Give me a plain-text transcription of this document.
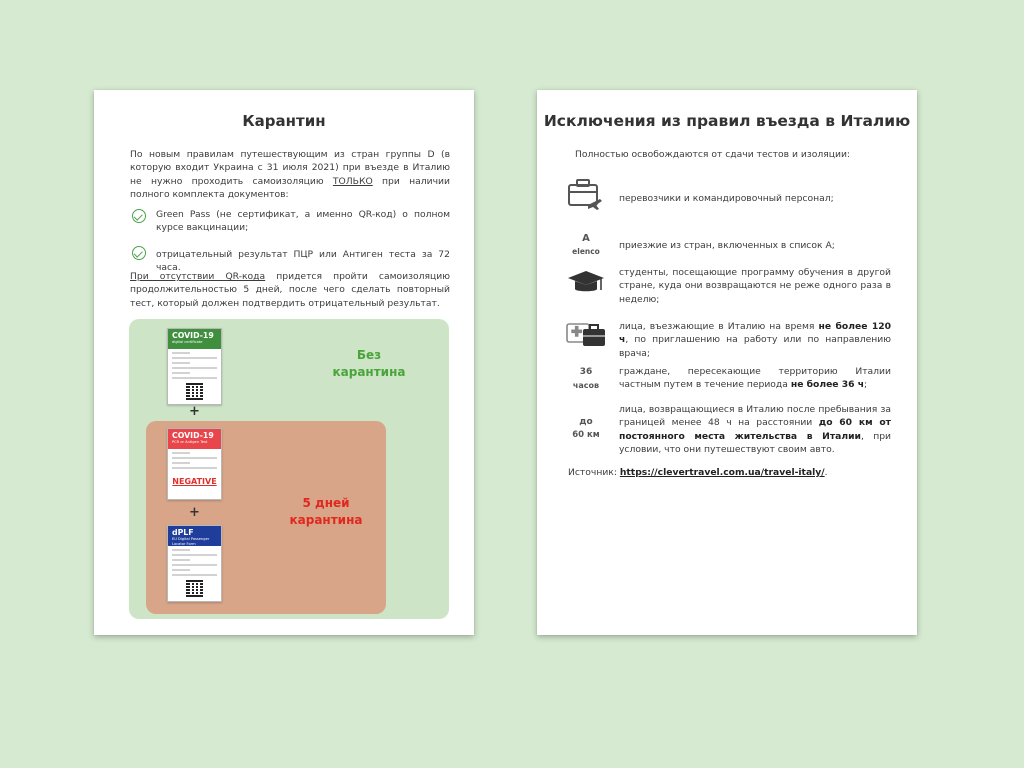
Карантин
По новым правилам путешествующим из стран группы D (в которую входит Украина с 31 июля 2021) при въезде в Италию не нужно проходить самоизоляцию ТОЛЬКО при наличии полного комплекта документов:
Green Pass (не сертификат, а именно QR-код) о полном курсе вакцинации;
отрицательный результат ПЦР или Антиген теста за 72 часа.
При отсутствии QR-кода придется пройти самоизоляцию продолжительностью 5 дней, после чего сделать повторный тест, который должен подтвердить отрицательный результат.
COVID-19
digital certificate
+
Без
карантина
COVID-19
PCR or Antigen Test
NEGATIVE
+
dPLF
EU Digital Passenger Locator Form
5 дней
карантина
Исключения из правил въезда в Италию
Полностью освобождаются от сдачи тестов и изоляции:
перевозчики и командировочный персонал;
A
elenco
приезжие из стран, включенных в список А;
студенты, посещающие программу обучения в другой стране, куда они возвращаются не реже одного раза в неделю;
лица, въезжающие в Италию на время не более 120 ч, по приглашению на работу или по направлению врача;
36
часов
граждане, пересекающие территорию Италии частным путем в течение периода не более 36 ч;
до
60 км
лица, возвращающиеся в Италию после пребывания за границей менее 48 ч на расстоянии до 60 км от постоянного места жительства в Италии, при условии, что они путешествуют своим авто.
Источник: https://clevertravel.com.ua/travel-italy/.
